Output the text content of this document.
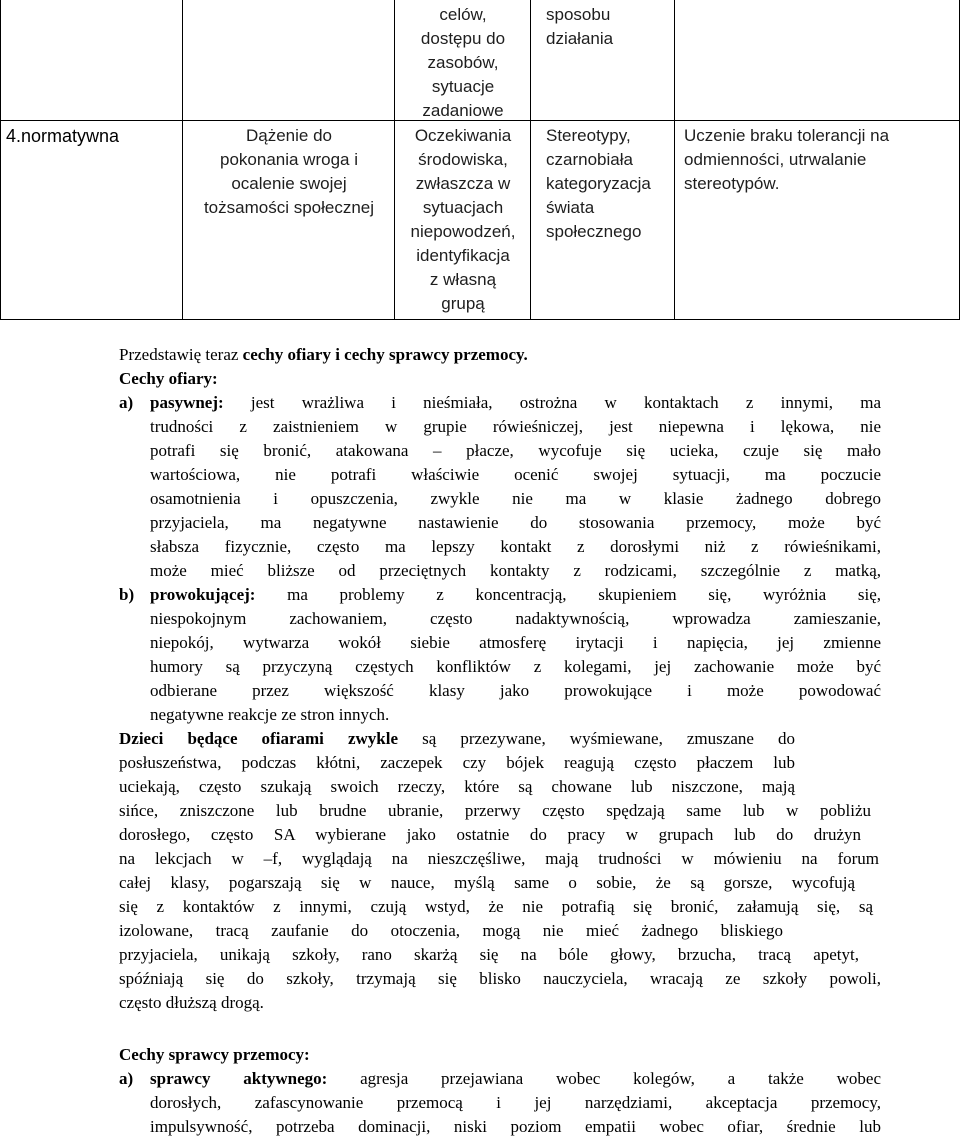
celów,
dostępu do
zasobów,
sytuacje
zadaniowe
sposobu
działania
4.normatywna	Dążenie do
pokonania wroga i
ocalenie swojej
tożsamości społecznej
Oczekiwania
środowiska,
zwłaszcza w
sytuacjach
niepowodzeń,
identyfikacja
z własną
grupą
Stereotypy,
czarnobiała
kategoryzacja
świata
społecznego
Uczenie braku tolerancji na
odmienności, utrwalanie
stereotypów.
Przedstawię teraz cechy ofiary i cechy sprawcy przemocy.
Cechy ofiary:
a) pasywnej: jest wrażliwa i nieśmiała, ostrożna w kontaktach z innymi, ma
trudności z zaistnieniem w grupie rówieśniczej, jest niepewna i lękowa, nie
potrafi się bronić, atakowana – płacze, wycofuje się ucieka, czuje się mało
wartościowa, nie potrafi właściwie ocenić swojej sytuacji, ma poczucie
osamotnienia i opuszczenia, zwykle nie ma w klasie żadnego dobrego
przyjaciela, ma negatywne nastawienie do stosowania przemocy, może być
słabsza fizycznie, często ma lepszy kontakt z dorosłymi niż z rówieśnikami,
może mieć bliższe od przeciętnych kontakty z rodzicami, szczególnie z matką,
b) prowokującej: ma problemy z koncentracją, skupieniem się, wyróżnia się,
niespokojnym zachowaniem, często nadaktywnością, wprowadza zamieszanie,
niepokój, wytwarza wokół siebie atmosferę irytacji i napięcia, jej zmienne
humory są przyczyną częstych konfliktów z kolegami, jej zachowanie może być
odbierane przez większość klasy jako prowokujące i może powodować
negatywne reakcje ze stron innych.
Dzieci będące ofiarami zwykle są przezywane, wyśmiewane, zmuszane do
posłuszeństwa, podczas kłótni, zaczepek czy bójek reagują często płaczem lub
uciekają, często szukają swoich rzeczy, które są chowane lub niszczone, mają
sińce, zniszczone lub brudne ubranie, przerwy często spędzają same lub w pobliżu
dorosłego, często SA wybierane jako ostatnie do pracy w grupach lub do drużyn
na lekcjach w –f, wyglądają na nieszczęśliwe, mają trudności w mówieniu na forum
całej klasy, pogarszają się w nauce, myślą same o sobie, że są gorsze, wycofują
się z kontaktów z innymi, czują wstyd, że nie potrafią się bronić, załamują się, są
izolowane, tracą zaufanie do otoczenia, mogą nie mieć żadnego bliskiego
przyjaciela, unikają szkoły, rano skarżą się na bóle głowy, brzucha, tracą apetyt,
spóźniają się do szkoły, trzymają się blisko nauczyciela, wracają ze szkoły powoli,
często dłuższą drogą.
Cechy sprawcy przemocy:
a) sprawcy aktywnego: agresja przejawiana wobec kolegów, a także wobec
dorosłych, zafascynowanie przemocą i jej narzędziami, akceptacja przemocy,
impulsywność, potrzeba dominacji, niski poziom empatii wobec ofiar, średnie lub
